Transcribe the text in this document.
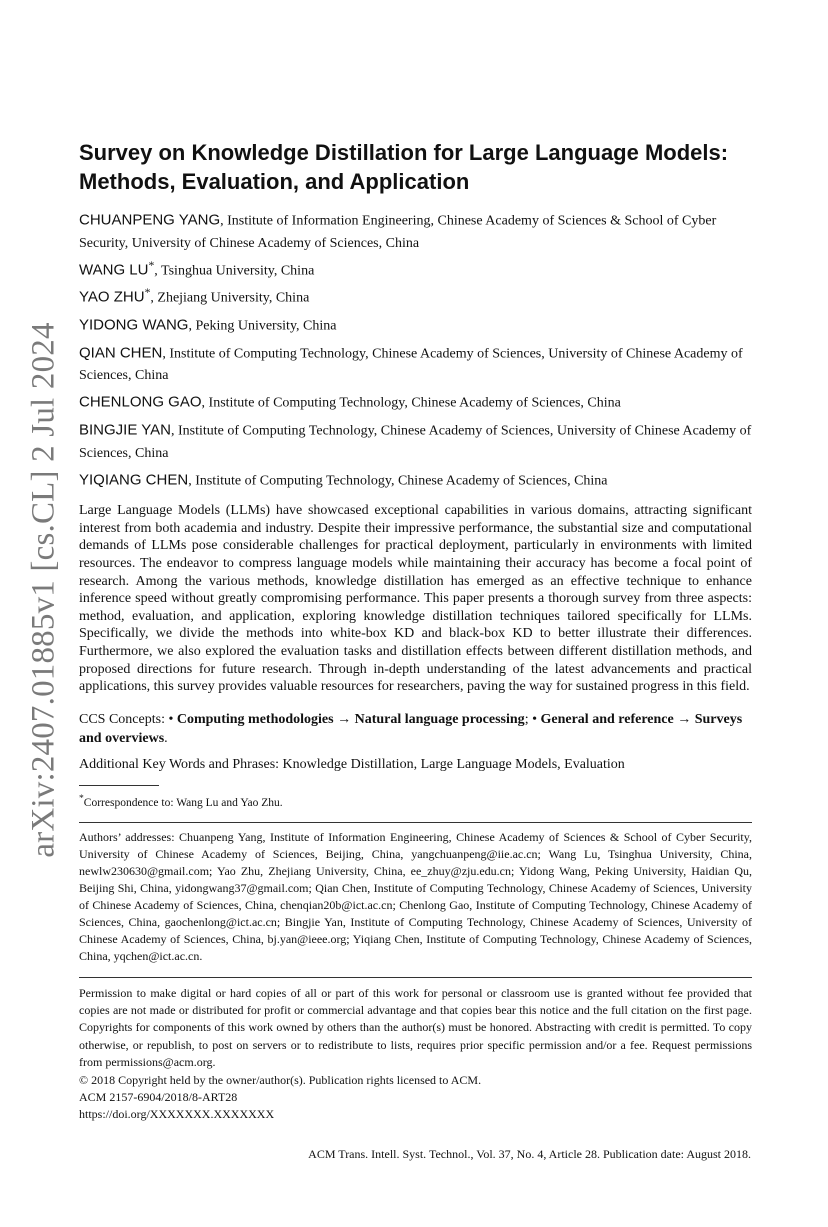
arXiv:2407.01885v1 [cs.CL] 2 Jul 2024
Survey on Knowledge Distillation for Large Language Models: Methods, Evaluation, and Application
CHUANPENG YANG, Institute of Information Engineering, Chinese Academy of Sciences & School of Cyber Security, University of Chinese Academy of Sciences, China
WANG LU*, Tsinghua University, China
YAO ZHU*, Zhejiang University, China
YIDONG WANG, Peking University, China
QIAN CHEN, Institute of Computing Technology, Chinese Academy of Sciences, University of Chinese Academy of Sciences, China
CHENLONG GAO, Institute of Computing Technology, Chinese Academy of Sciences, China
BINGJIE YAN, Institute of Computing Technology, Chinese Academy of Sciences, University of Chinese Academy of Sciences, China
YIQIANG CHEN, Institute of Computing Technology, Chinese Academy of Sciences, China

Large Language Models (LLMs) have showcased exceptional capabilities in various domains, attracting significant interest from both academia and industry. Despite their impressive performance, the substantial size and computational demands of LLMs pose considerable challenges for practical deployment, particularly in environments with limited resources. The endeavor to compress language models while maintaining their accuracy has become a focal point of research. Among the various methods, knowledge distillation has emerged as an effective technique to enhance inference speed without greatly compromising performance. This paper presents a thorough survey from three aspects: method, evaluation, and application, exploring knowledge distillation techniques tailored specifically for LLMs. Specifically, we divide the methods into white-box KD and black-box KD to better illustrate their differences. Furthermore, we also explored the evaluation tasks and distillation effects between different distillation methods, and proposed directions for future research. Through in-depth understanding of the latest advancements and practical applications, this survey provides valuable resources for researchers, paving the way for sustained progress in this field.

CCS Concepts: • Computing methodologies → Natural language processing; • General and reference → Surveys and overviews.
Additional Key Words and Phrases: Knowledge Distillation, Large Language Models, Evaluation
*Correspondence to: Wang Lu and Yao Zhu.

Authors’ addresses: Chuanpeng Yang, Institute of Information Engineering, Chinese Academy of Sciences & School of Cyber Security, University of Chinese Academy of Sciences, Beijing, China, yangchuanpeng@iie.ac.cn; Wang Lu, Tsinghua University, China, newlw230630@gmail.com; Yao Zhu, Zhejiang University, China, ee_zhuy@zju.edu.cn; Yidong Wang, Peking University, Haidian Qu, Beijing Shi, China, yidongwang37@gmail.com; Qian Chen, Institute of Computing Technology, Chinese Academy of Sciences, University of Chinese Academy of Sciences, China, chenqian20b@ict.ac.cn; Chenlong Gao, Institute of Computing Technology, Chinese Academy of Sciences, China, gaochenlong@ict.ac.cn; Bingjie Yan, Institute of Computing Technology, Chinese Academy of Sciences, University of Chinese Academy of Sciences, China, bj.yan@ieee.org; Yiqiang Chen, Institute of Computing Technology, Chinese Academy of Sciences, China, yqchen@ict.ac.cn.

Permission to make digital or hard copies of all or part of this work for personal or classroom use is granted without fee provided that copies are not made or distributed for profit or commercial advantage and that copies bear this notice and the full citation on the first page. Copyrights for components of this work owned by others than the author(s) must be honored. Abstracting with credit is permitted. To copy otherwise, or republish, to post on servers or to redistribute to lists, requires prior specific permission and/or a fee. Request permissions from permissions@acm.org.
© 2018 Copyright held by the owner/author(s). Publication rights licensed to ACM.
ACM 2157-6904/2018/8-ART28
https://doi.org/XXXXXXX.XXXXXXX
ACM Trans. Intell. Syst. Technol., Vol. 37, No. 4, Article 28. Publication date: August 2018.
